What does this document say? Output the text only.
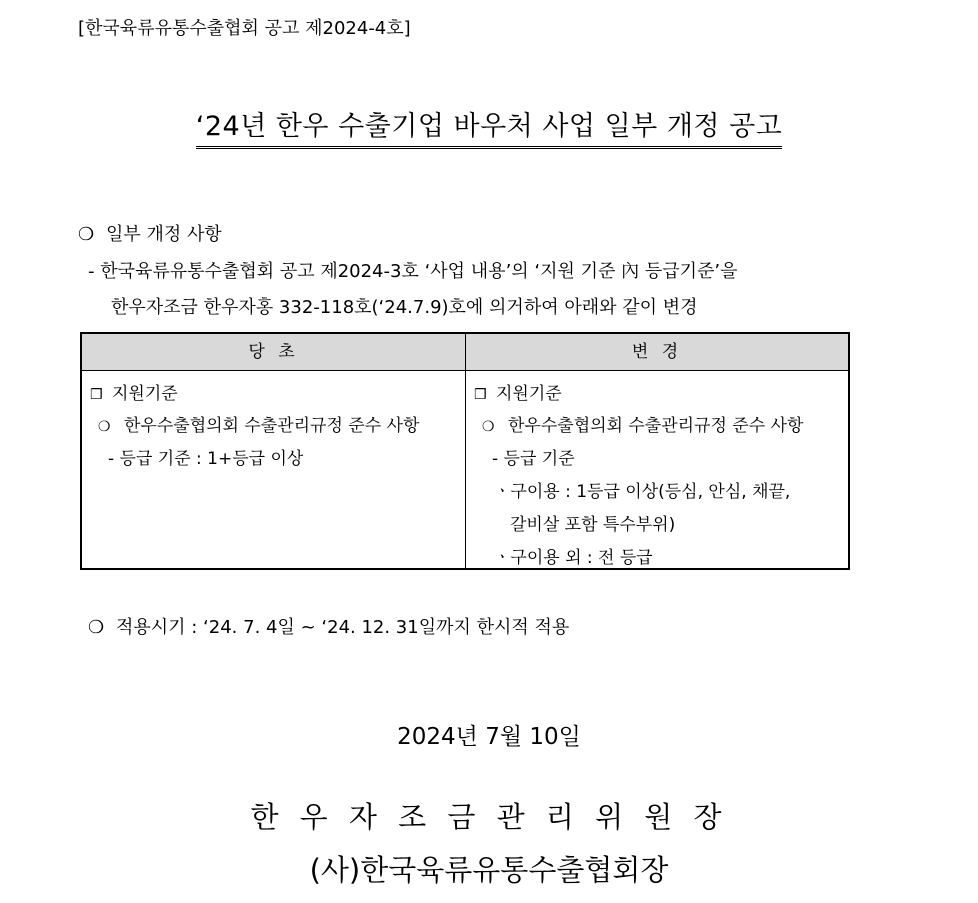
[한국육류유통수출협회 공고 제2024-4호]
‘24년 한우 수출기업 바우처 사업 일부 개정 공고
❍ 일부 개정 사항
- 한국육류유통수출협회 공고 제2024-3호 ‘사업 내용’의 ‘지원 기준 內 등급기준’을
한우자조금 한우자홍 332-118호(‘24.7.9)호에 의거하여 아래와 같이 변경
당 초	변 경
❒ 지원기준
❍ 한우수출협의회 수출관리규정 준수 사항
- 등급 기준 : 1+등급 이상
❒ 지원기준
❍ 한우수출협의회 수출관리규정 준수 사항
- 등급 기준
ㆍ구이용 : 1등급 이상(등심, 안심, 채끝,
갈비살 포함 특수부위)
ㆍ구이용 외 : 전 등급
❍ 적용시기 : ‘24. 7. 4일 ~ ‘24. 12. 31일까지 한시적 적용
2024년 7월 10일
한 우 자 조 금 관 리 위 원 장
(사)한국육류유통수출협회장
